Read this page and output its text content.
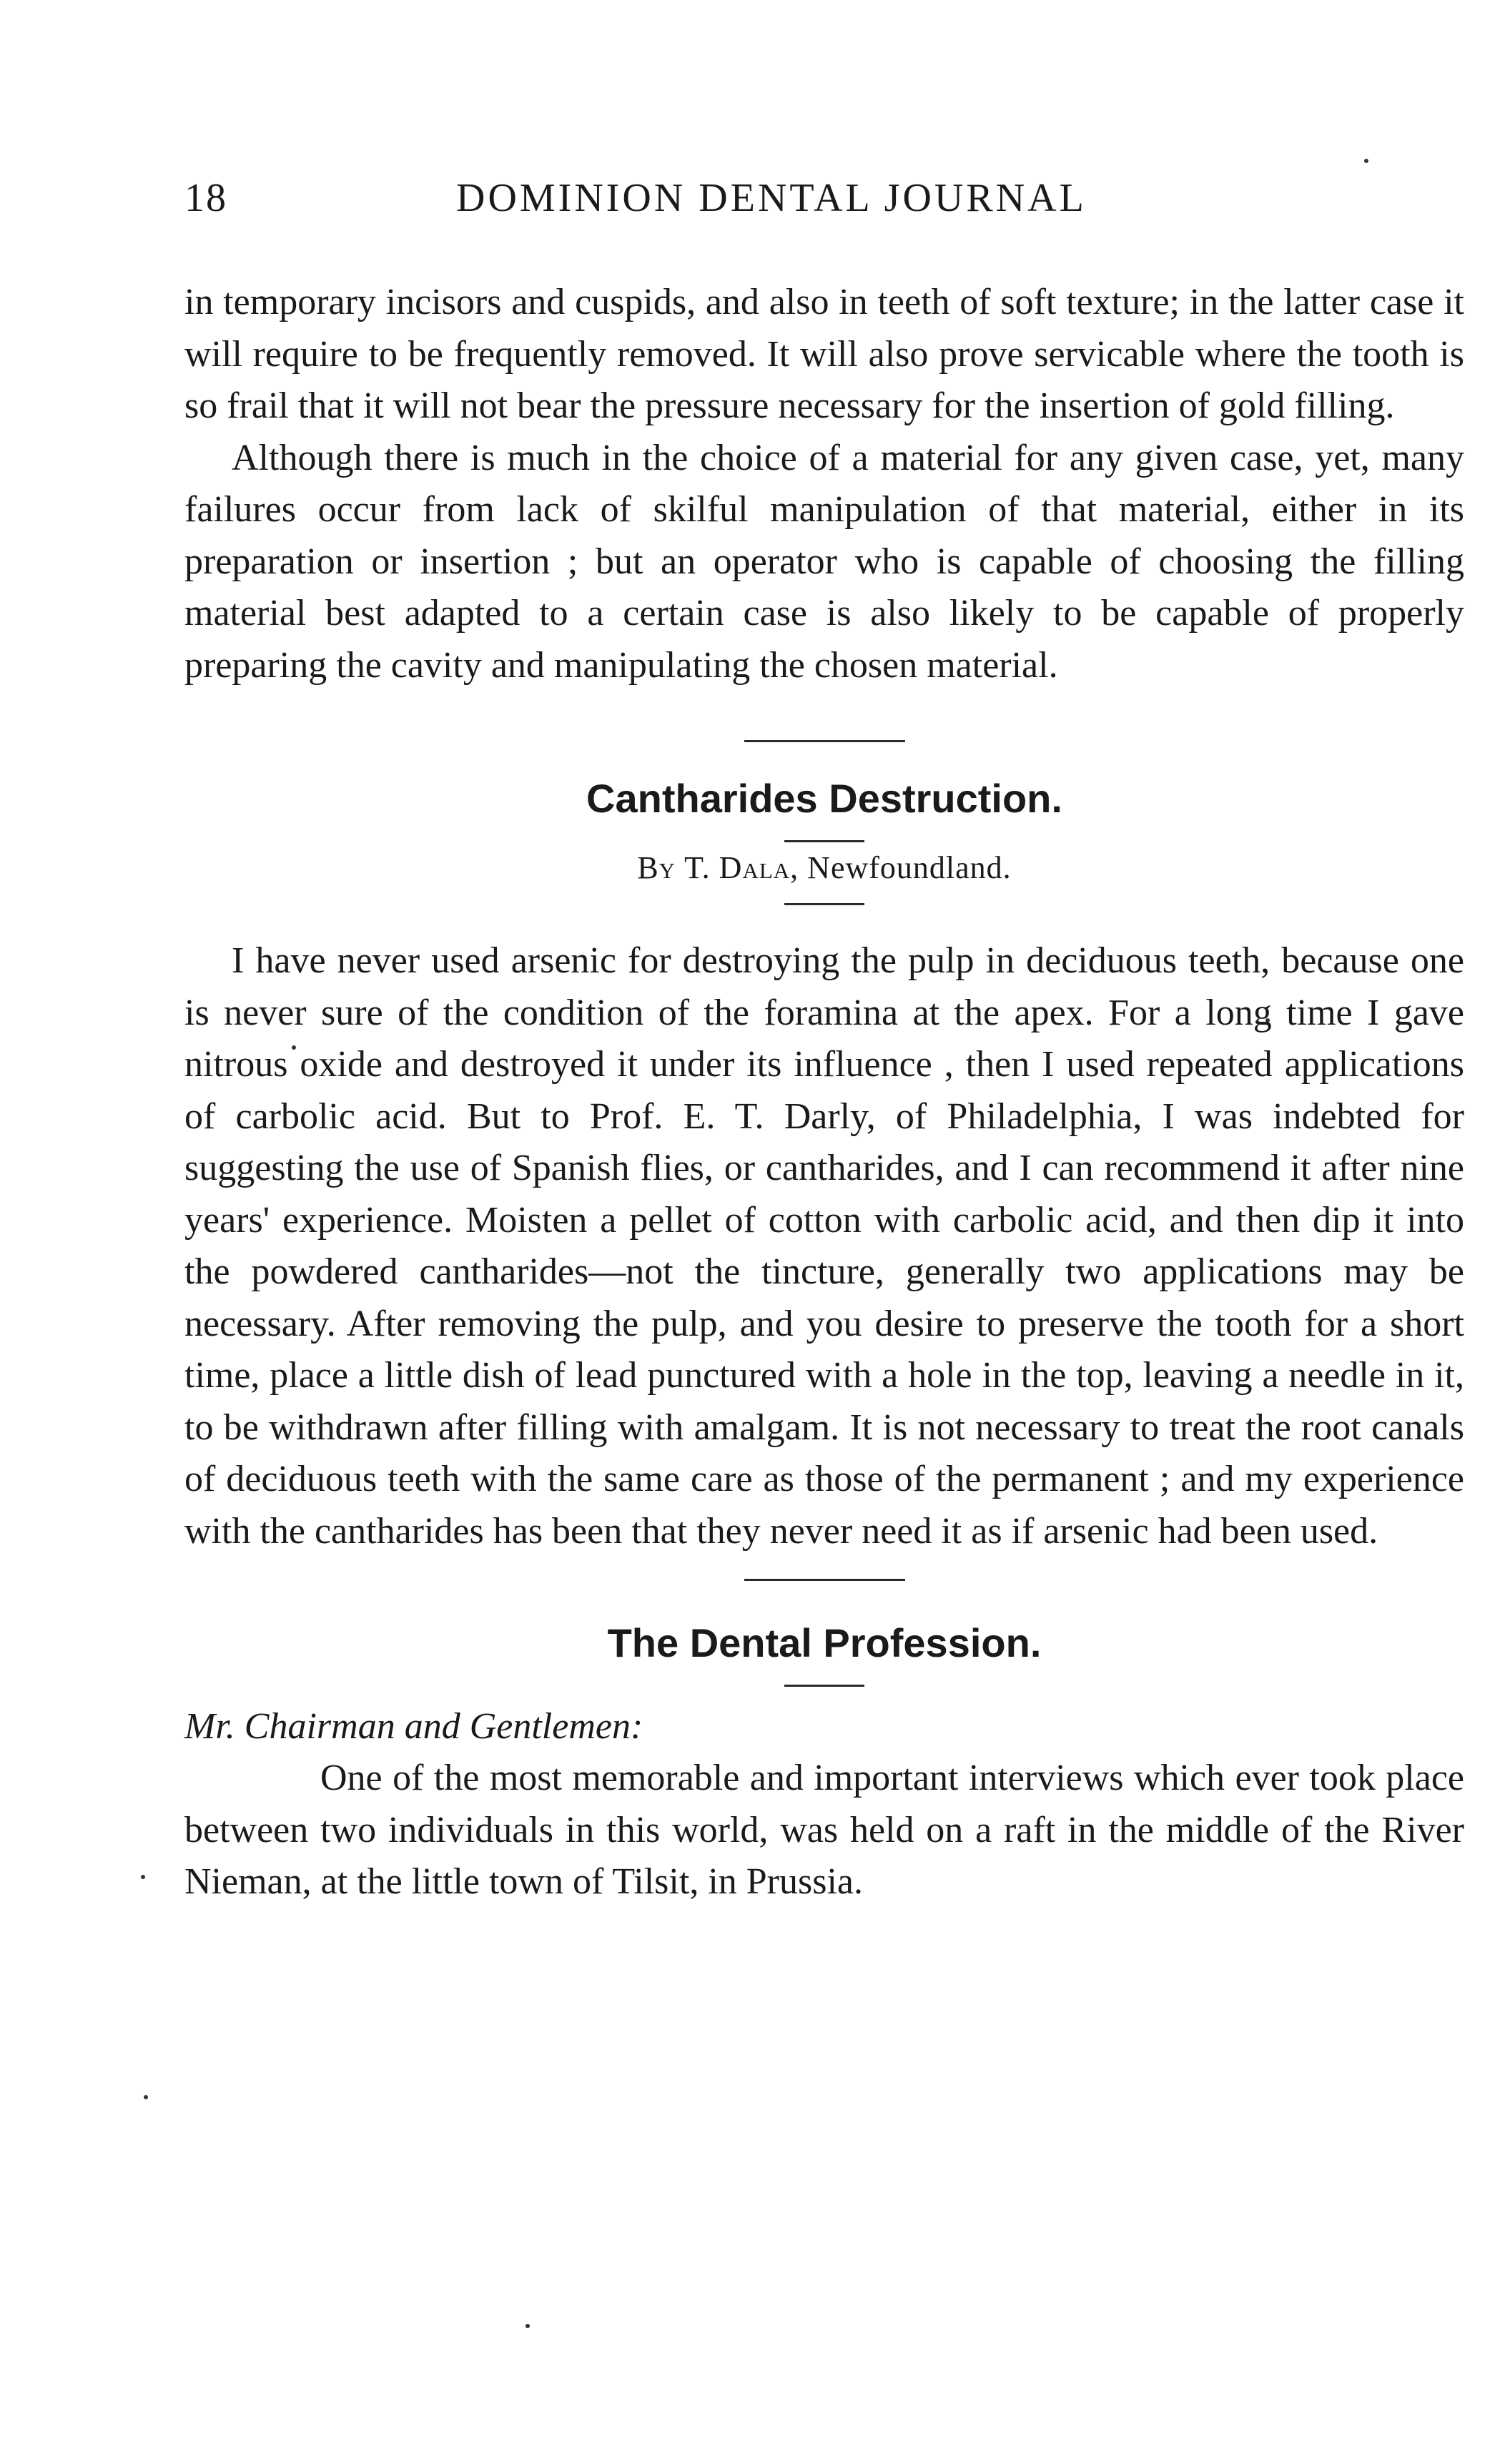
18	DOMINION DENTAL JOURNAL

in temporary incisors and cuspids, and also in teeth of soft texture; in the latter case it will require to be frequently removed. It will also prove servicable where the tooth is so frail that it will not bear the pressure necessary for the insertion of gold filling.

Although there is much in the choice of a material for any given case, yet, many failures occur from lack of skilful manipulation of that material, either in its preparation or insertion ; but an operator who is capable of choosing the filling material best adapted to a certain case is also likely to be capable of properly preparing the cavity and manipulating the chosen material.

Cantharides Destruction.

By T. Dala, Newfoundland.

I have never used arsenic for destroying the pulp in deciduous teeth, because one is never sure of the condition of the foramina at the apex. For a long time I gave nitrous oxide and destroyed it under its influence , then I used repeated applications of carbolic acid. But to Prof. E. T. Darly, of Philadelphia, I was indebted for suggesting the use of Spanish flies, or cantharides, and I can recommend it after nine years' experience. Moisten a pellet of cotton with carbolic acid, and then dip it into the powdered cantharides—not the tincture, generally two applications may be necessary. After removing the pulp, and you desire to preserve the tooth for a short time, place a little dish of lead punctured with a hole in the top, leaving a needle in it, to be withdrawn after filling with amalgam. It is not necessary to treat the root canals of deciduous teeth with the same care as those of the permanent ; and my experience with the cantharides has been that they never need it as if arsenic had been used.

The Dental Profession.

Mr. Chairman and Gentlemen:

One of the most memorable and important interviews which ever took place between two individuals in this world, was held on a raft in the middle of the River Nieman, at the little town of Tilsit, in Prussia.
